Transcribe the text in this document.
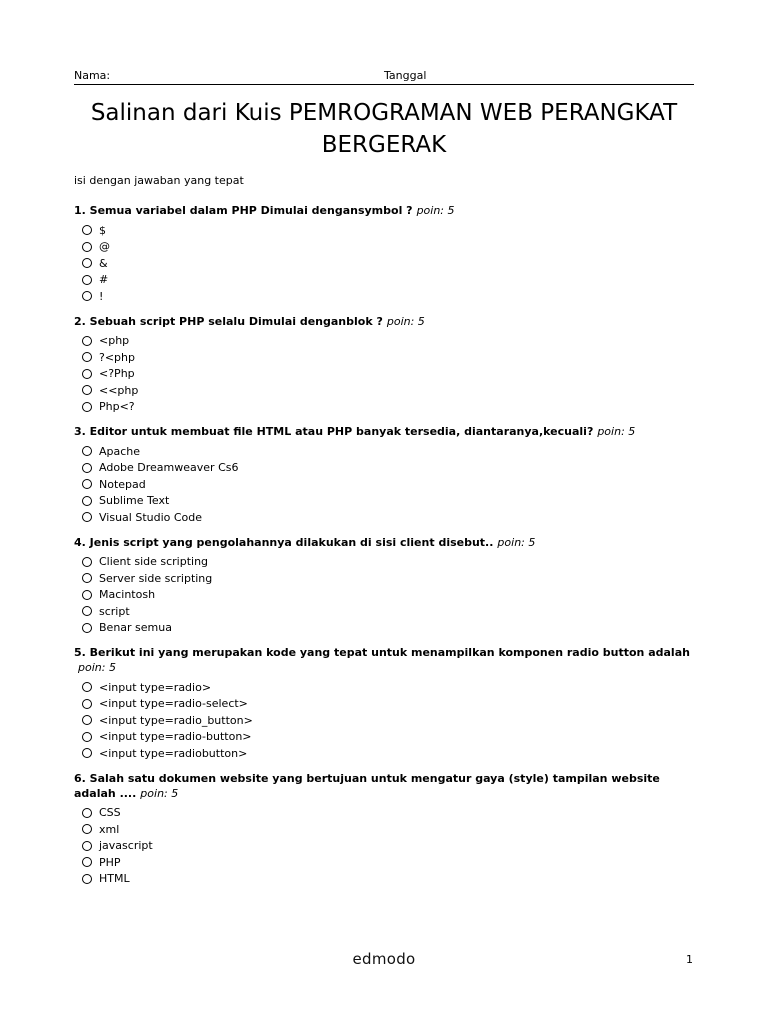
Nama:	Tanggal
Salinan dari Kuis PEMROGRAMAN WEB PERANGKAT
BERGERAK
isi dengan jawaban yang tepat
1. Semua variabel dalam PHP Dimulai dengansymbol ? poin: 5
$
@
&
#
!
2. Sebuah script PHP selalu Dimulai denganblok ? poin: 5
<php
?<php
<?Php
<<php
Php<?
3. Editor untuk membuat file HTML atau PHP banyak tersedia, diantaranya,kecuali? poin: 5
Apache
Adobe Dreamweaver Cs6
Notepad
Sublime Text
Visual Studio Code
4. Jenis script yang pengolahannya dilakukan di sisi client disebut.. poin: 5
Client side scripting
Server side scripting
Macintosh
script
Benar semua
5. Berikut ini yang merupakan kode yang tepat untuk menampilkan komponen radio button adalah
poin: 5
<input type=radio>
<input type=radio-select>
<input type=radio_button>
<input type=radio-button>
<input type=radiobutton>
6. Salah satu dokumen website yang bertujuan untuk mengatur gaya (style) tampilan website adalah .... poin: 5
CSS
xml
javascript
PHP
HTML
edmodo	1
